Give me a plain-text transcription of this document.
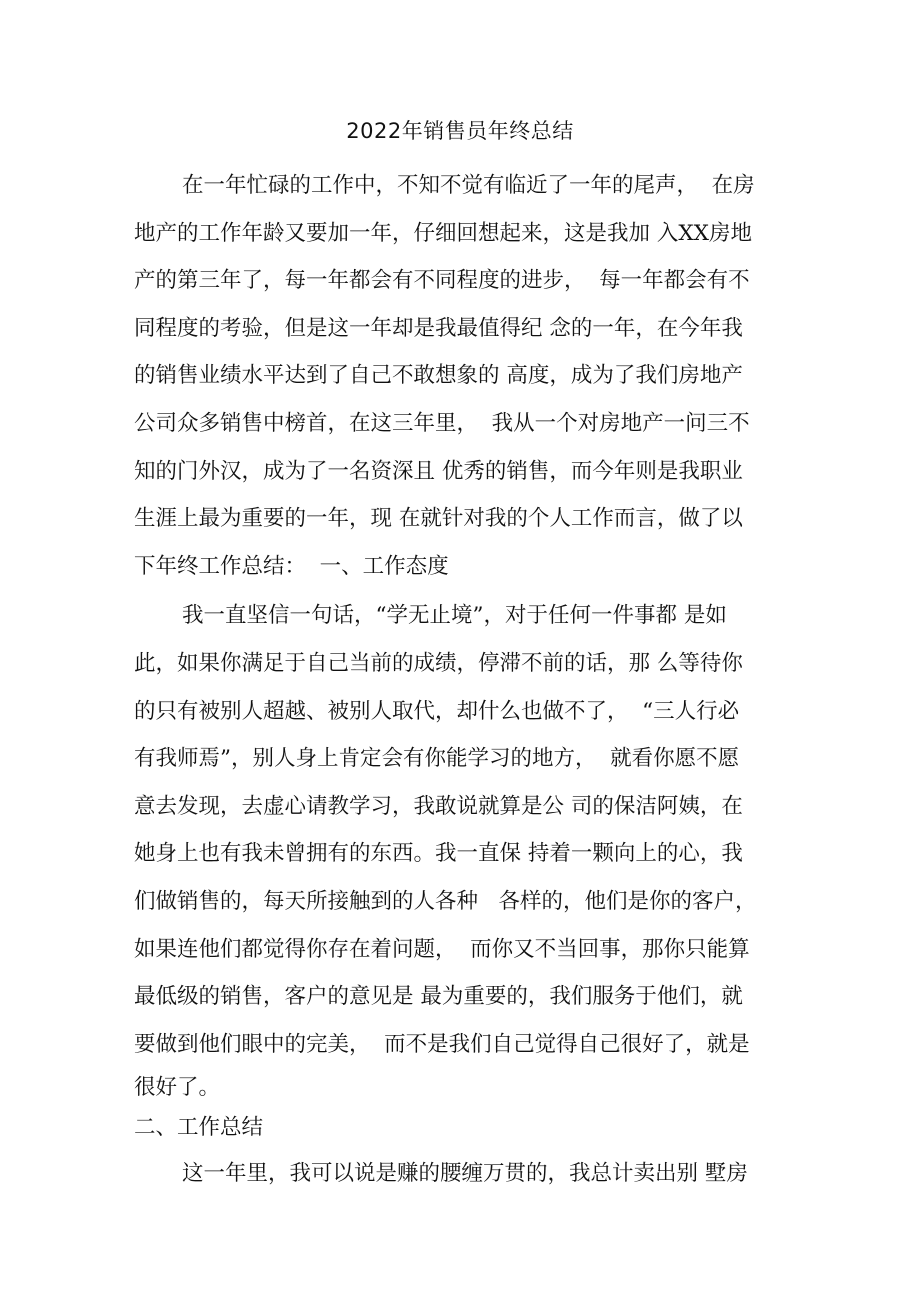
2022年销售员年终总结
在一年忙碌的工作中，不知不觉有临近了一年的尾声，  在房
地产的工作年龄又要加一年，仔细回想起来，这是我加 入XX房地
产的第三年了，每一年都会有不同程度的进步，  每一年都会有不
同程度的考验，但是这一年却是我最值得纪 念的一年，在今年我
的销售业绩水平达到了自己不敢想象的 高度，成为了我们房地产
公司众多销售中榜首，在这三年里，  我从一个对房地产一问三不
知的门外汉，成为了一名资深且 优秀的销售，而今年则是我职业
生涯上最为重要的一年，现 在就针对我的个人工作而言，做了以
下年终工作总结：  一、工作态度
我一直坚信一句话，“学无止境”，对于任何一件事都 是如
此，如果你满足于自己当前的成绩，停滞不前的话，那 么等待你
的只有被别人超越、被别人取代，却什么也做不了，  “三人行必
有我师焉”，别人身上肯定会有你能学习的地方，  就看你愿不愿
意去发现，去虚心请教学习，我敢说就算是公 司的保洁阿姨，在
她身上也有我未曾拥有的东西。我一直保 持着一颗向上的心，我
们做销售的，每天所接触到的人各种   各样的，他们是你的客户，
如果连他们都觉得你存在着问题，  而你又不当回事，那你只能算
最低级的销售，客户的意见是 最为重要的，我们服务于他们，就
要做到他们眼中的完美，  而不是我们自己觉得自己很好了，就是
很好了。
二、工作总结
这一年里，我可以说是赚的腰缠万贯的，我总计卖出别 墅房
